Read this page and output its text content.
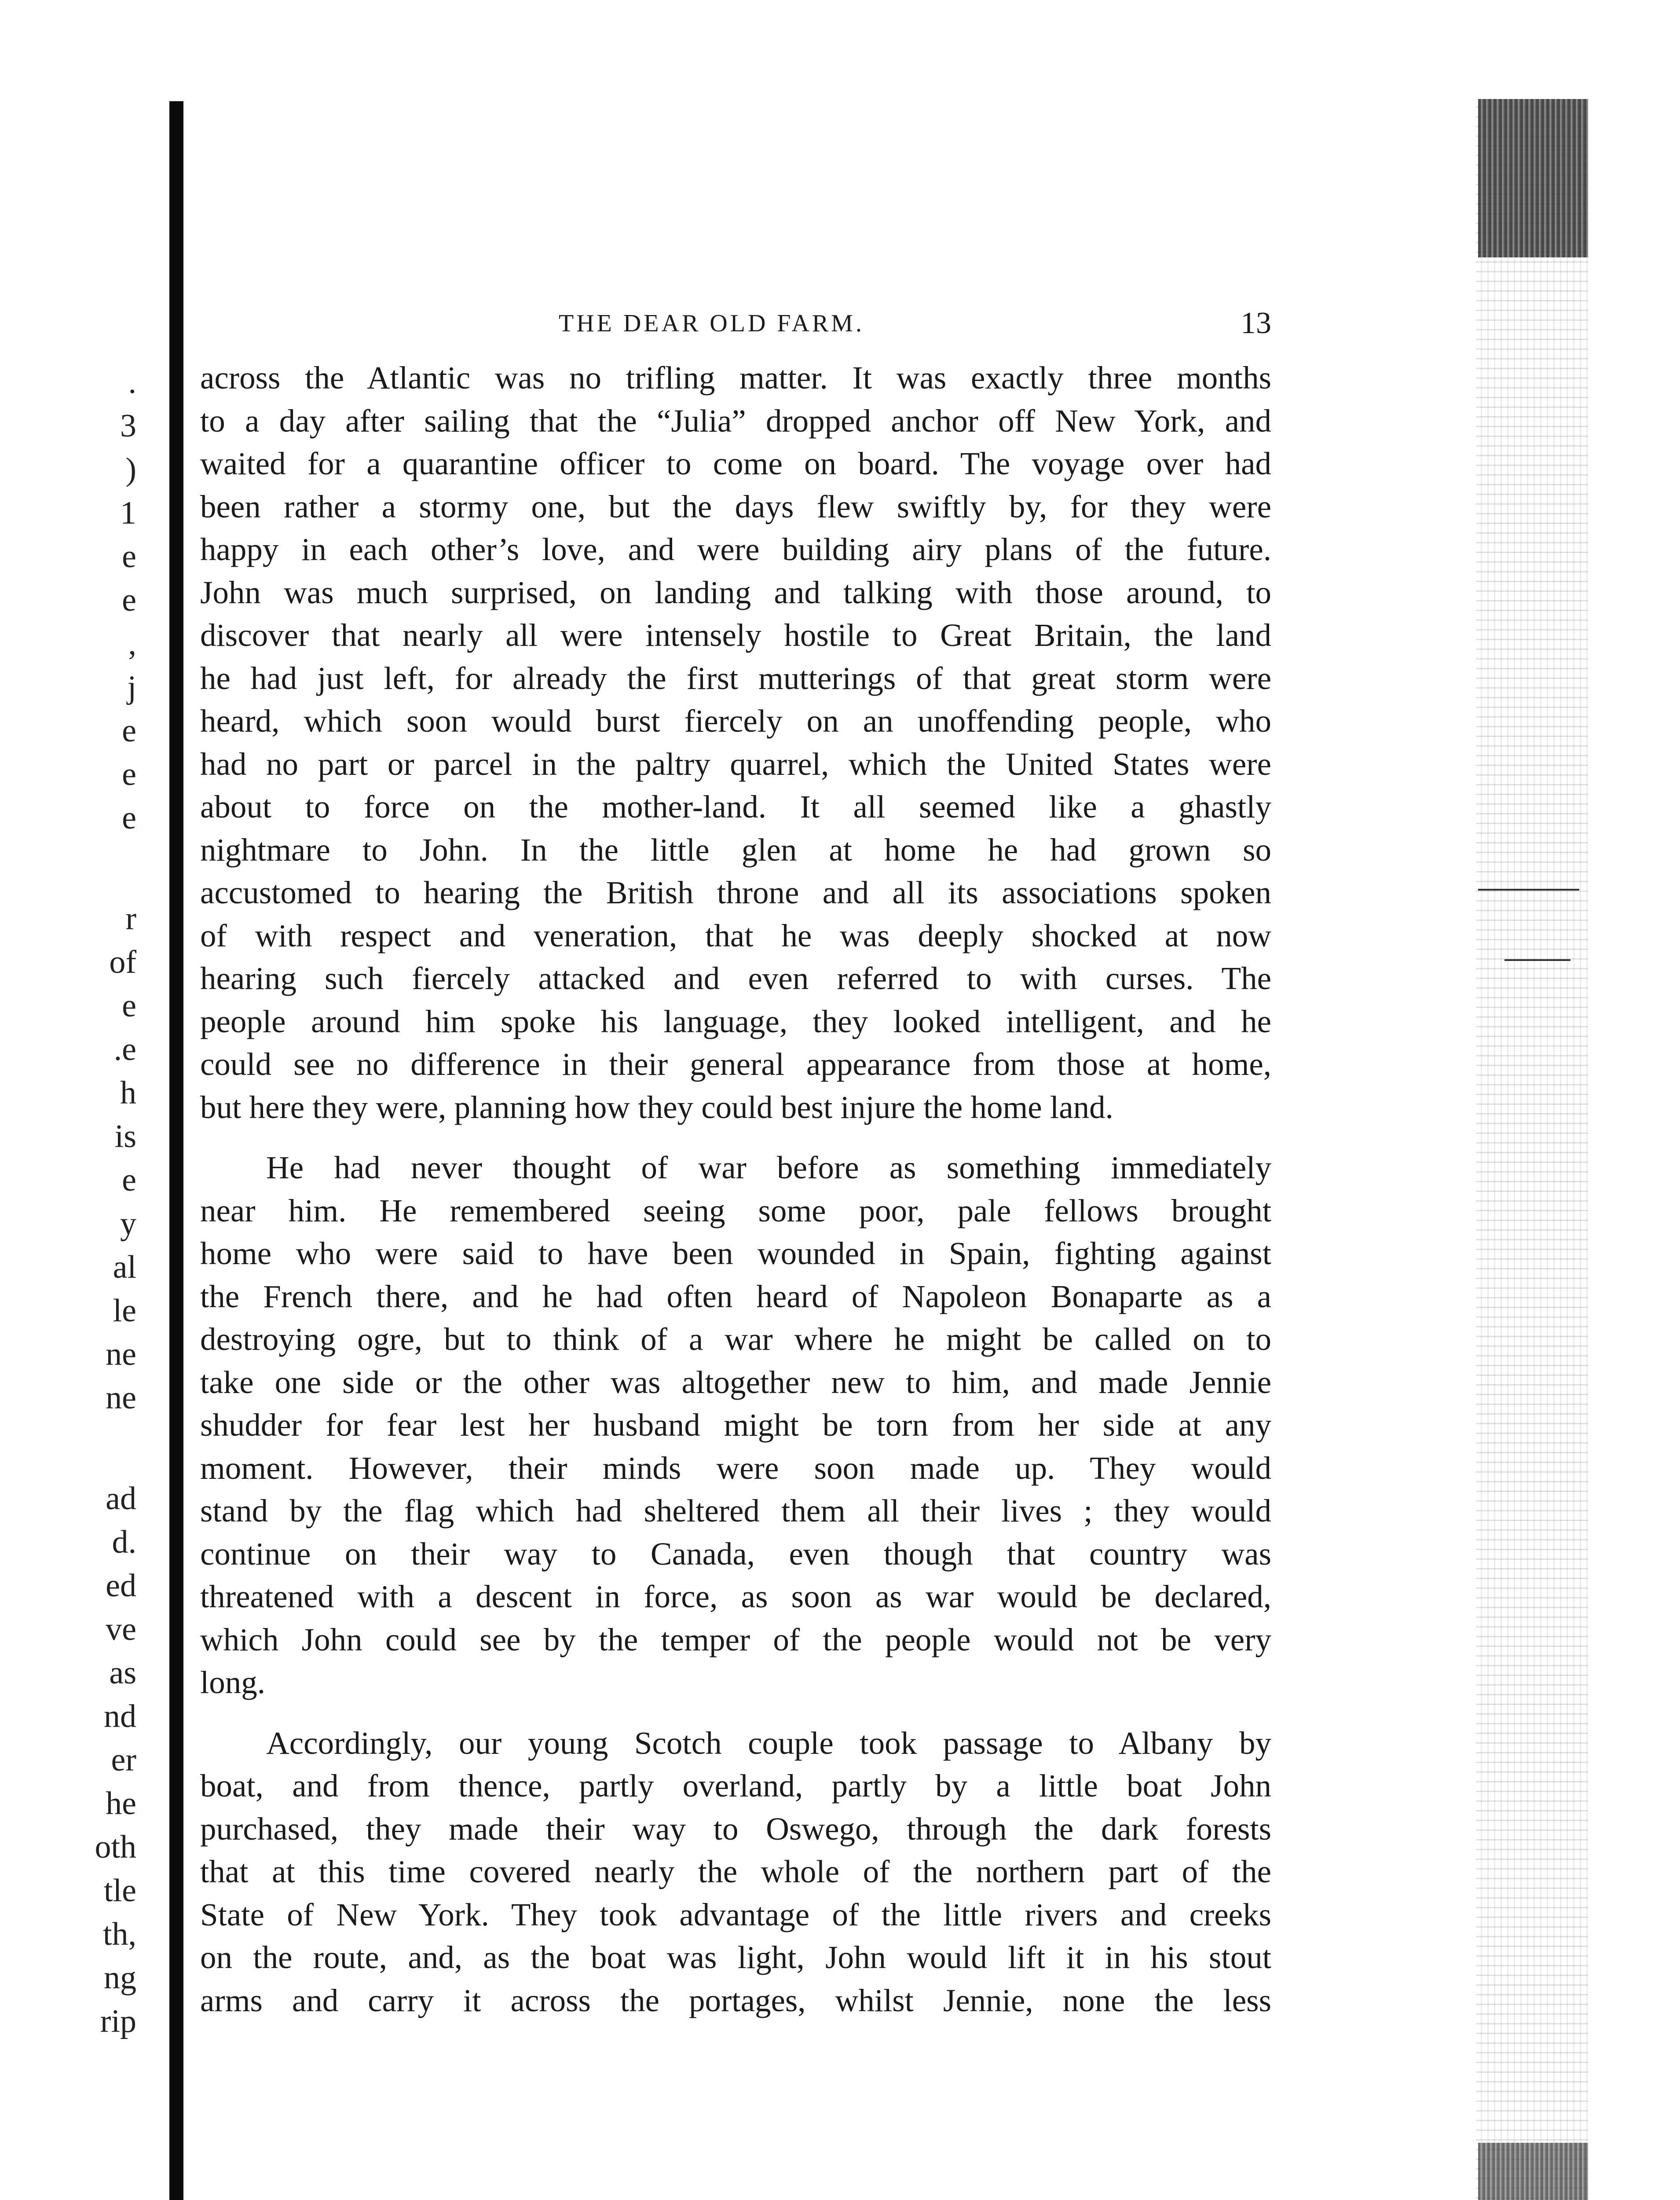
.
3
)
1
e
e
,
j
e
e
e
r
of
e
.e
h
is
e
y
al
le
ne
ne
ad
d.
ed
ve
as
nd
er
he
oth
tle
th,
ng
rip
THE DEAR OLD FARM.	13
across the Atlantic was no trifling matter. It was exactly three months
to a day after sailing that the “Julia” dropped anchor off New York, and
waited for a quarantine officer to come on board. The voyage over had
been rather a stormy one, but the days flew swiftly by, for they were
happy in each other’s love, and were building airy plans of the future.
John was much surprised, on landing and talking with those around, to
discover that nearly all were intensely hostile to Great Britain, the land
he had just left, for already the first mutterings of that great storm were
heard, which soon would burst fiercely on an unoffending people, who
had no part or parcel in the paltry quarrel, which the United States were
about to force on the mother-land. It all seemed like a ghastly
nightmare to John. In the little glen at home he had grown so
accustomed to hearing the British throne and all its associations spoken
of with respect and veneration, that he was deeply shocked at now
hearing such fiercely attacked and even referred to with curses. The
people around him spoke his language, they looked intelligent, and he
could see no difference in their general appearance from those at home,
but here they were, planning how they could best injure the home land.
He had never thought of war before as something immediately
near him. He remembered seeing some poor, pale fellows brought
home who were said to have been wounded in Spain, fighting against
the French there, and he had often heard of Napoleon Bonaparte as a
destroying ogre, but to think of a war where he might be called on to
take one side or the other was altogether new to him, and made Jennie
shudder for fear lest her husband might be torn from her side at any
moment. However, their minds were soon made up. They would
stand by the flag which had sheltered them all their lives ; they would
continue on their way to Canada, even though that country was
threatened with a descent in force, as soon as war would be declared,
which John could see by the temper of the people would not be very
long.
Accordingly, our young Scotch couple took passage to Albany by
boat, and from thence, partly overland, partly by a little boat John
purchased, they made their way to Oswego, through the dark forests
that at this time covered nearly the whole of the northern part of the
State of New York. They took advantage of the little rivers and creeks
on the route, and, as the boat was light, John would lift it in his stout
arms and carry it across the portages, whilst Jennie, none the less
